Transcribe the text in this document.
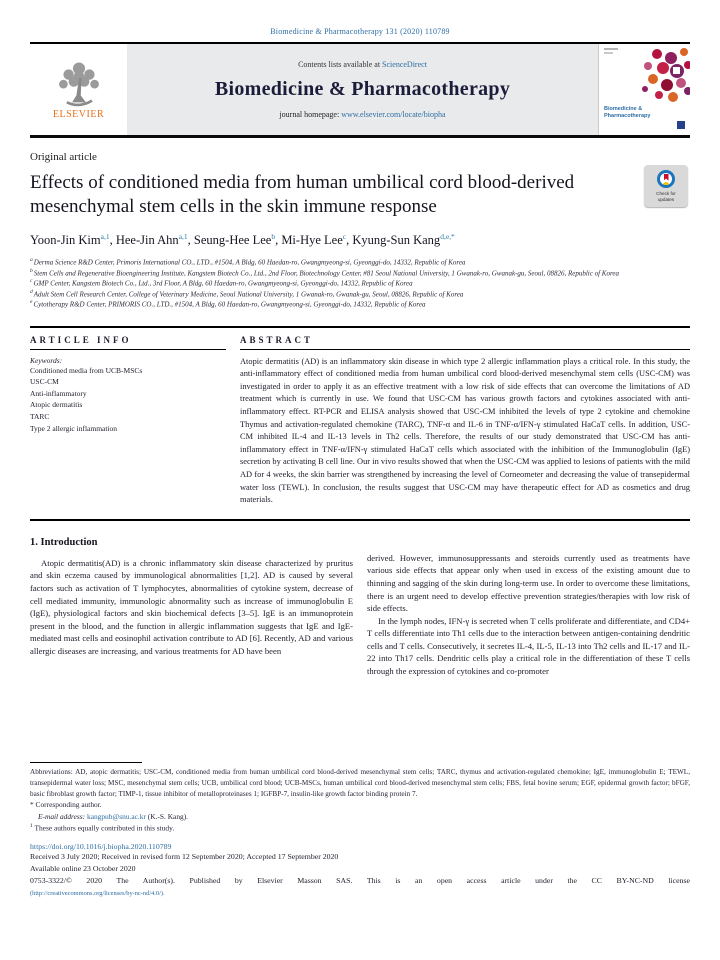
Biomedicine & Pharmacotherapy 131 (2020) 110789
ELSEVIER
Contents lists available at ScienceDirect
Biomedicine & Pharmacotherapy
journal homepage: www.elsevier.com/locate/biopha
Biomedicine & Pharmacotherapy
Original article
Effects of conditioned media from human umbilical cord blood-derived mesenchymal stem cells in the skin immune response
Check for updates
Yoon-Jin Kim$^{a,1}$, Hee-Jin Ahn$^{a,1}$, Seung-Hee Lee$^b$, Mi-Hye Lee$^c$, Kyung-Sun Kang$^{d,e,*}$
$^a$Derma Science R&D Center, Primoris International CO., LTD., #1504, A Bldg, 60 Haedan-ro, Gwangmyeong-si, Gyeonggi-do, 14332, Republic of Korea
$^b$Stem Cells and Regenerative Bioengineering Institute, Kangstem Biotech Co., Ltd., 2nd Floor, Biotechnology Center, #81 Seoul National University, 1 Gwanak-ro, Gwanak-gu, Seoul, 08826, Republic of Korea
$^c$GMP Center, Kangstem Biotech Co., Ltd., 3rd Floor, A Bldg, 60 Haedan-ro, Gwangmyeong-si, Gyeonggi-do, 14332, Republic of Korea
$^d$Adult Stem Cell Research Center, College of Veterinary Medicine, Seoul National University, 1 Gwanak-ro, Gwanak-gu, Seoul, 08826, Republic of Korea
$^e$Cytotherapy R&D Center, PRIMORIS CO., LTD., #1504, A Bldg, 60 Haedan-ro, Gwangmyeong-si, Gyeonggi-do, 14332, Republic of Korea
ARTICLE INFO
Keywords:
Conditioned media from UCB-MSCs
USC-CM
Anti-inflammatory
Atopic dermatitis
TARC
Type 2 allergic inflammation
ABSTRACT
Atopic dermatitis (AD) is an inflammatory skin disease in which type 2 allergic inflammation plays a critical role. In this study, the anti-inflammatory effect of conditioned media from human umbilical cord blood-derived mesenchymal stem cells (USC-CM) was investigated in order to apply it as an effective treatment with a low risk of side effects that can overcome the limitations of AD treatment which is currently in use. We found that USC-CM has various growth factors and cytokines associated with anti-inflammatory effect. RT-PCR and ELISA analysis showed that USC-CM inhibited the levels of type 2 cytokine and chemokine Thymus and activation-regulated chemokine (TARC), TNF-α and IL-6 in TNF-α/IFN-γ stimulated HaCaT cells. In addition, USC-CM inhibited IL-4 and IL-13 levels in Th2 cells. Therefore, the results of our study demonstrated that USC-CM has anti-inflammatory effect in TNF-α/IFN-γ stimulated HaCaT cells which associated with the inhibition of the Immunoglobulin (IgE) secretion by activating B cell line. Our in vivo results showed that when the USC-CM was applied to lesions of patients with the mild AD for 4 weeks, the skin barrier was strengthened by increasing the level of Corneometer and decreasing the value of transepidermal water loss (TEWL). In conclusion, the results suggest that USC-CM may have therapeutic effect for AD as cosmetics and drug materials.
1. Introduction
Atopic dermatitis(AD) is a chronic inflammatory skin disease characterized by pruritus and skin eczema caused by immunological abnormalities [1,2]. AD is caused by several factors such as activation of T lymphocytes, abnormalities of cytokine system, decrease of cell mediated immunity, immunologic abnormality such as increase of immunoglobulin E (IgE), physiological factors and skin biochemical defects [3–5]. IgE is an immunoprotein present in the blood, and the function in allergic inflammation suggests that IgE and IgE-mediated mast cells and eosinophil activation contribute to AD [6]. Recently, AD and various allergic diseases are increasing, and various treatments for AD have been
derived. However, immunosuppressants and steroids currently used as treatments have various side effects that appear only when used in excess of the existing amount due to thinning and sagging of the skin during long-term use. In order to overcome these limitations, there is an urgent need to develop effective prevention strategies/therapies with low risk of side effects.
In the lymph nodes, IFN-γ is secreted when T cells proliferate and differentiate, and CD4+ T cells differentiate into Th1 cells due to the interaction between antigen-containing dendritic cells and T cells. Consecutively, it secretes IL-4, IL-5, IL-13 into Th2 cells and IL-17 and IL-22 into Th17 cells. Dendritic cells play a critical role in the differentiation of these T cells through the expression of cytokines and co-promoter
Abbreviations: AD, atopic dermatitis; USC-CM, conditioned media from human umbilical cord blood-derived mesenchymal stem cells; TARC, thymus and activation-regulated chemokine; IgE, immunoglobulin E; TEWL, transepidermal water loss; MSC, mesenchymal stem cells; UCB, umbilical cord blood; UCB-MSCs, human umbilical cord blood-derived mesenchymal stem cells; FBS, fetal bovine serum; EGF, epidermal growth factor; bFGF, basic fibroblast growth factor; TIMP-1, tissue inhibitor of metalloproteinases 1; IGFBP-7, insulin-like growth factor binding protein 7.
* Corresponding author.
E-mail address: kangpub@snu.ac.kr (K.-S. Kang).
$^1$ These authors equally contributed in this study.
https://doi.org/10.1016/j.biopha.2020.110789
Received 3 July 2020; Received in revised form 12 September 2020; Accepted 17 September 2020
Available online 23 October 2020
0753-3322/© 2020 The Author(s). Published by Elsevier Masson SAS. This is an open access article under the CC BY-NC-ND license
(http://creativecommons.org/licenses/by-nc-nd/4.0/).
